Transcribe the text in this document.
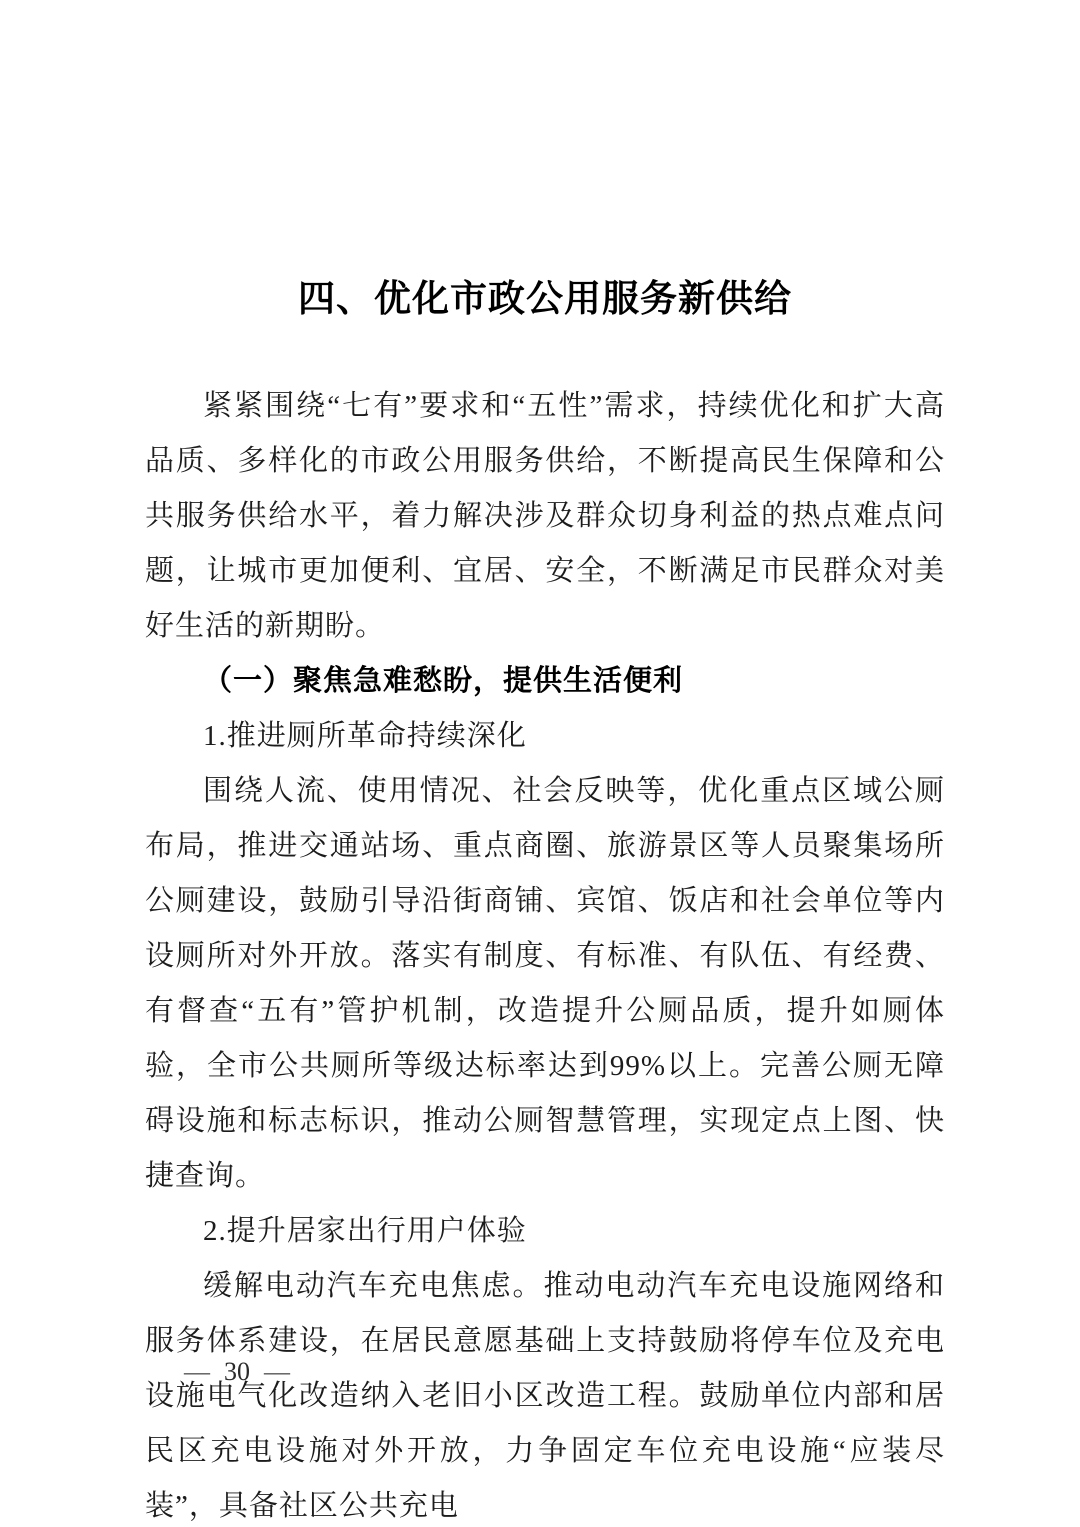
四、优化市政公用服务新供给

紧紧围绕“七有”要求和“五性”需求，持续优化和扩大高品质、多样化的市政公用服务供给，不断提高民生保障和公共服务供给水平，着力解决涉及群众切身利益的热点难点问题，让城市更加便利、宜居、安全，不断满足市民群众对美好生活的新期盼。

（一）聚焦急难愁盼，提供生活便利

1.推进厕所革命持续深化

围绕人流、使用情况、社会反映等，优化重点区域公厕布局，推进交通站场、重点商圈、旅游景区等人员聚集场所公厕建设，鼓励引导沿街商铺、宾馆、饭店和社会单位等内设厕所对外开放。落实有制度、有标准、有队伍、有经费、有督查“五有”管护机制，改造提升公厕品质，提升如厕体验，全市公共厕所等级达标率达到99%以上。完善公厕无障碍设施和标志标识，推动公厕智慧管理，实现定点上图、快捷查询。

2.提升居家出行用户体验

缓解电动汽车充电焦虑。推动电动汽车充电设施网络和服务体系建设，在居民意愿基础上支持鼓励将停车位及充电设施电气化改造纳入老旧小区改造工程。鼓励单位内部和居民区充电设施对外开放，力争固定车位充电设施“应装尽装”，具备社区公共充电

— 30 —
